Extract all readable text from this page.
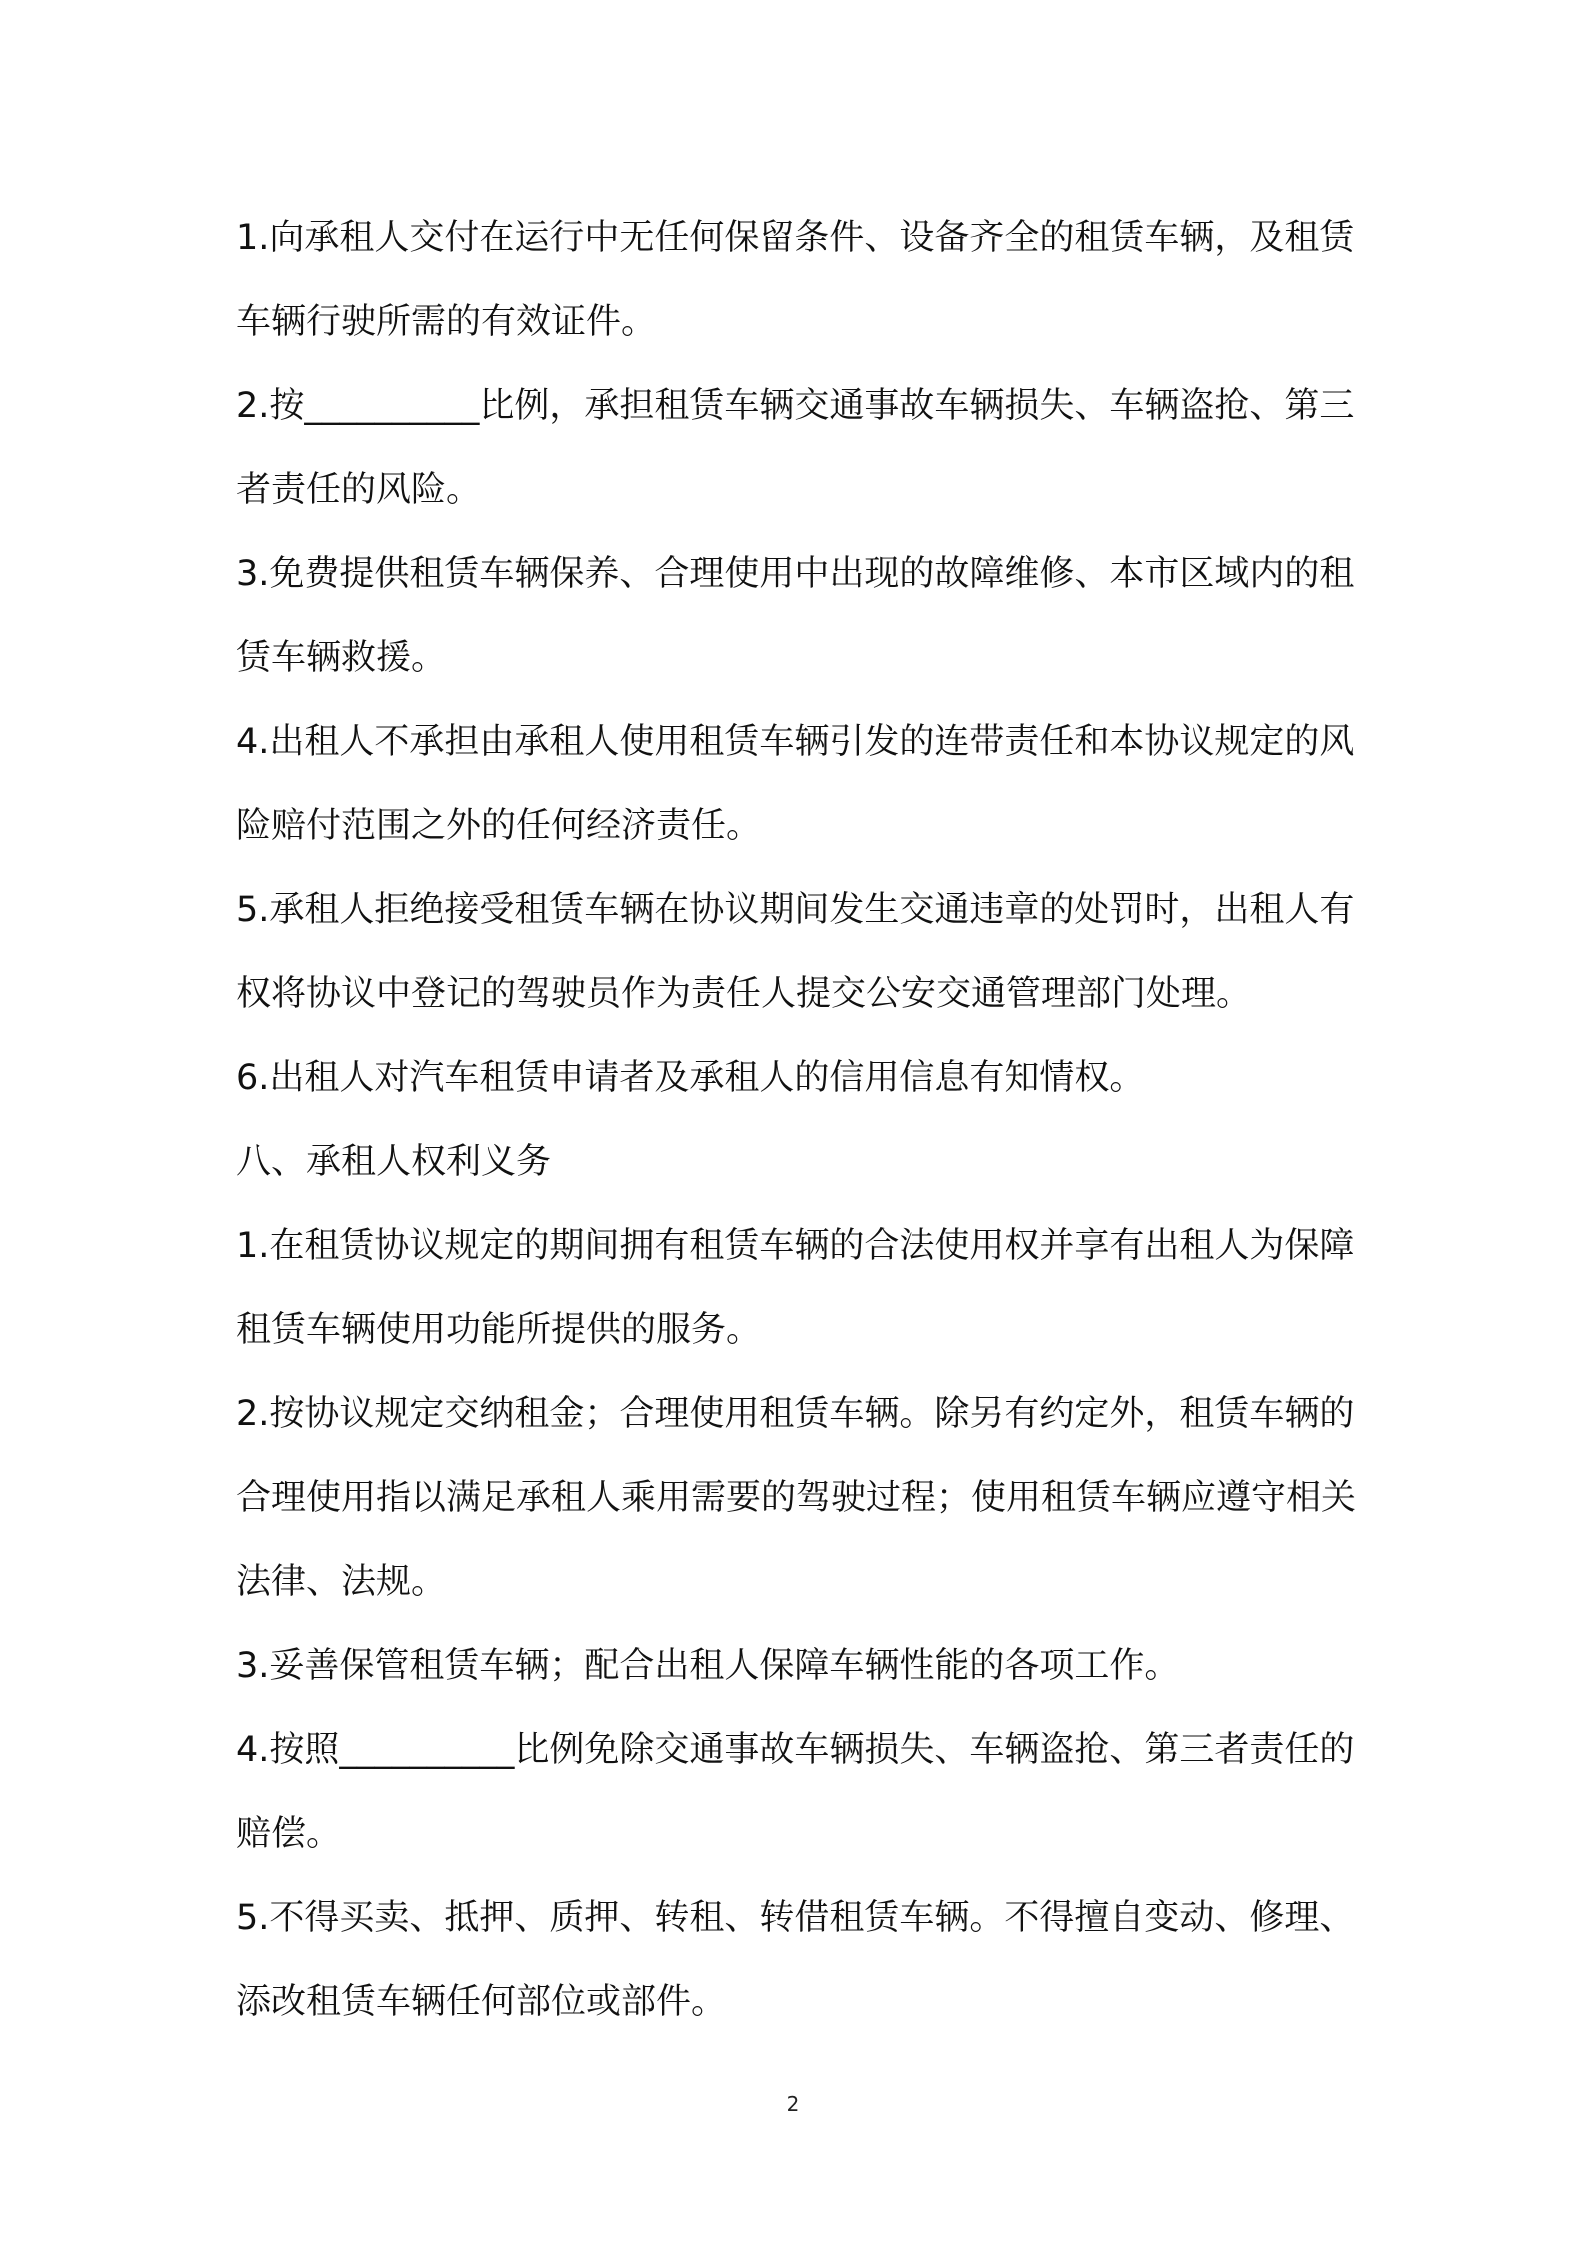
1.向承租人交付在运行中无任何保留条件、设备齐全的租赁车辆，及租赁车辆行驶所需的有效证件。

2.按__________比例，承担租赁车辆交通事故车辆损失、车辆盗抢、第三者责任的风险。

3.免费提供租赁车辆保养、合理使用中出现的故障维修、本市区域内的租赁车辆救援。

4.出租人不承担由承租人使用租赁车辆引发的连带责任和本协议规定的风险赔付范围之外的任何经济责任。

5.承租人拒绝接受租赁车辆在协议期间发生交通违章的处罚时，出租人有权将协议中登记的驾驶员作为责任人提交公安交通管理部门处理。

6.出租人对汽车租赁申请者及承租人的信用信息有知情权。

八、承租人权利义务

1.在租赁协议规定的期间拥有租赁车辆的合法使用权并享有出租人为保障租赁车辆使用功能所提供的服务。

2.按协议规定交纳租金；合理使用租赁车辆。除另有约定外，租赁车辆的合理使用指以满足承租人乘用需要的驾驶过程；使用租赁车辆应遵守相关法律、法规。

3.妥善保管租赁车辆；配合出租人保障车辆性能的各项工作。

4.按照__________比例免除交通事故车辆损失、车辆盗抢、第三者责任的赔偿。

5.不得买卖、抵押、质押、转租、转借租赁车辆。不得擅自变动、修理、添改租赁车辆任何部位或部件。

2
